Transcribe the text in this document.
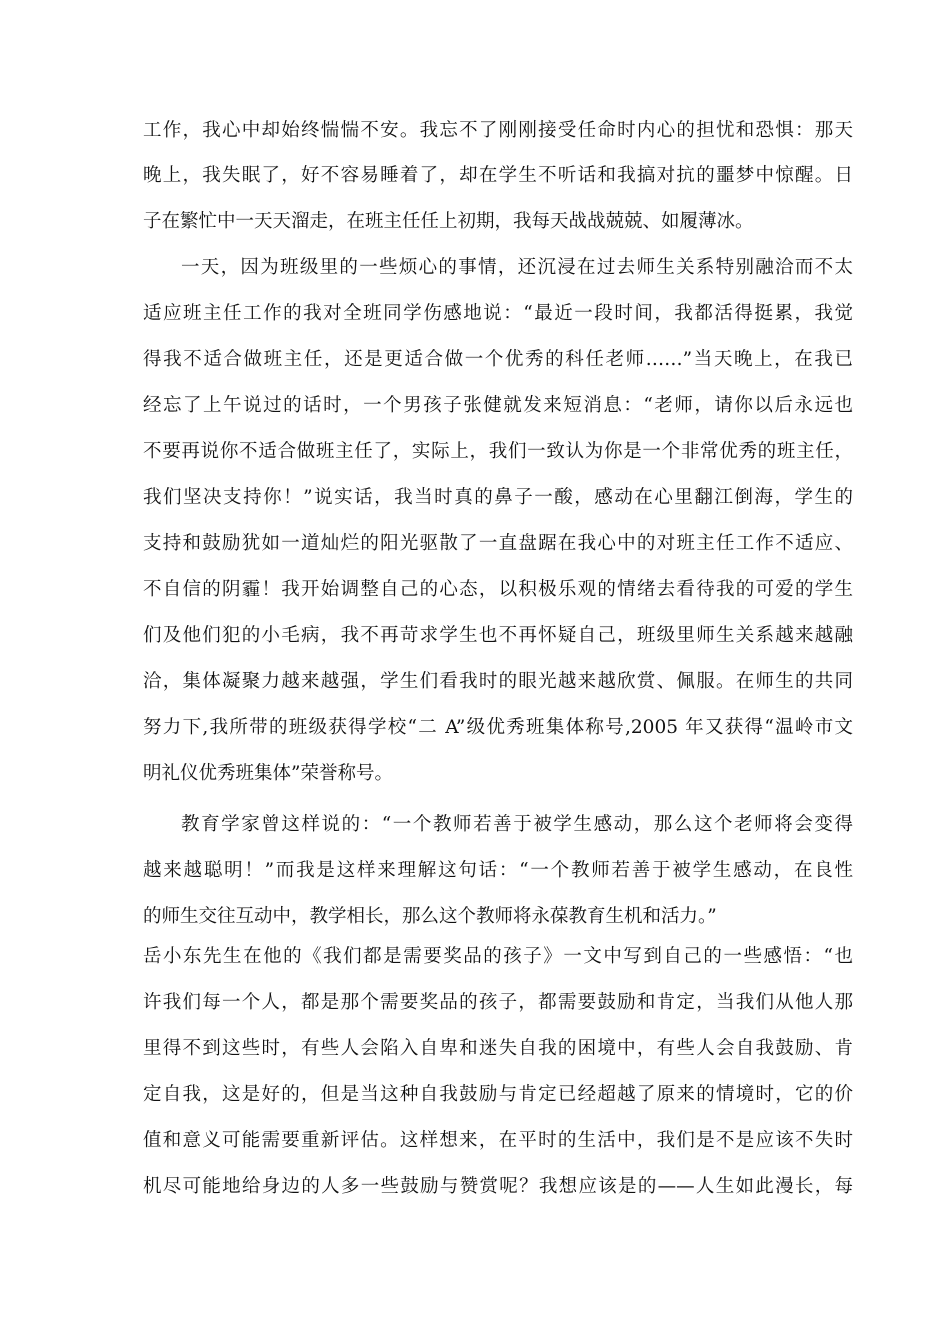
工作，我心中却始终惴惴不安。我忘不了刚刚接受任命时内心的担忧和恐惧：那天
晚上，我失眠了，好不容易睡着了，却在学生不听话和我搞对抗的噩梦中惊醒。日
子在繁忙中一天天溜走，在班主任任上初期，我每天战战兢兢、如履薄冰。
一天，因为班级里的一些烦心的事情，还沉浸在过去师生关系特别融洽而不太
适应班主任工作的我对全班同学伤感地说：“最近一段时间，我都活得挺累，我觉
得我不适合做班主任，还是更适合做一个优秀的科任老师……”当天晚上，在我已
经忘了上午说过的话时，一个男孩子张健就发来短消息：“老师，请你以后永远也
不要再说你不适合做班主任了，实际上，我们一致认为你是一个非常优秀的班主任，
我们坚决支持你！”说实话，我当时真的鼻子一酸，感动在心里翻江倒海，学生的
支持和鼓励犹如一道灿烂的阳光驱散了一直盘踞在我心中的对班主任工作不适应、
不自信的阴霾！我开始调整自己的心态，以积极乐观的情绪去看待我的可爱的学生
们及他们犯的小毛病，我不再苛求学生也不再怀疑自己，班级里师生关系越来越融
洽，集体凝聚力越来越强，学生们看我时的眼光越来越欣赏、佩服。在师生的共同
努力下,我所带的班级获得学校“二 A”级优秀班集体称号,2005 年又获得“温岭市文
明礼仪优秀班集体”荣誉称号。
教育学家曾这样说的：“一个教师若善于被学生感动，那么这个老师将会变得
越来越聪明！”而我是这样来理解这句话：“一个教师若善于被学生感动，在良性
的师生交往互动中，教学相长，那么这个教师将永葆教育生机和活力。”
岳小东先生在他的《我们都是需要奖品的孩子》一文中写到自己的一些感悟：“也
许我们每一个人，都是那个需要奖品的孩子，都需要鼓励和肯定，当我们从他人那
里得不到这些时，有些人会陷入自卑和迷失自我的困境中，有些人会自我鼓励、肯
定自我，这是好的，但是当这种自我鼓励与肯定已经超越了原来的情境时，它的价
值和意义可能需要重新评估。这样想来，在平时的生活中，我们是不是应该不失时
机尽可能地给身边的人多一些鼓励与赞赏呢？我想应该是的——人生如此漫长，每
